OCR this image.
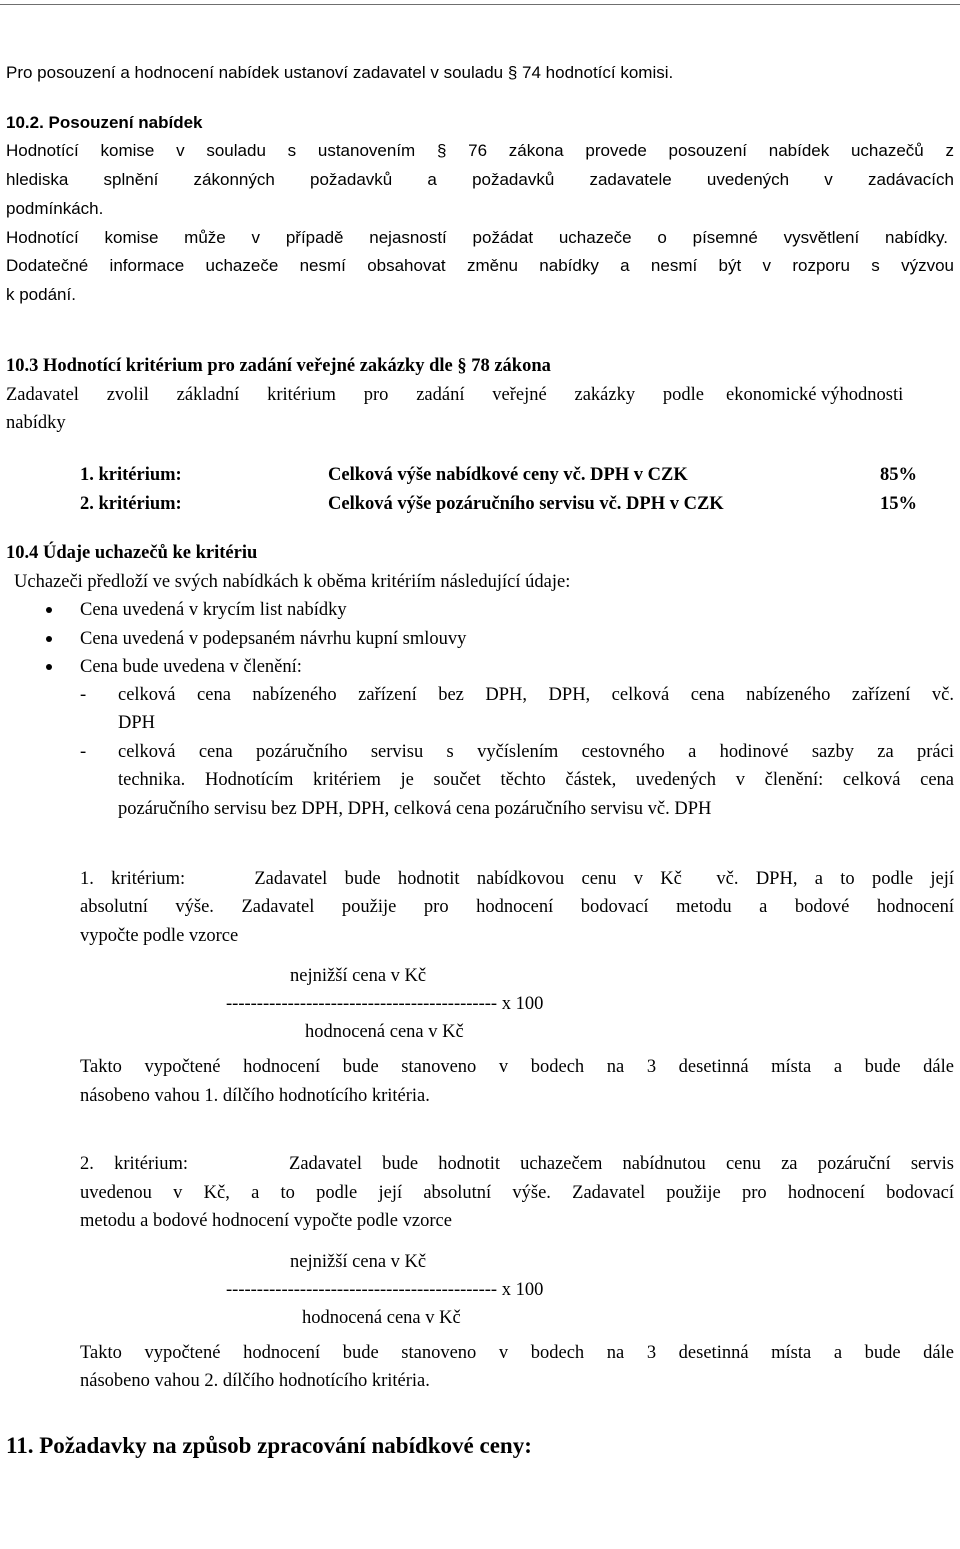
Pro posouzení a hodnocení nabídek ustanoví zadavatel v souladu § 74 hodnotící komisi.
10.2. Posouzení nabídek
Hodnotící komise v souladu s ustanovením § 76 zákona provede posouzení nabídek uchazečů z
hlediska splnění zákonných požadavků a požadavků zadavatele uvedených v zadávacích
podmínkách.
Hodnotící komise může v případě nejasností požádat uchazeče o písemné vysvětlení nabídky.
Dodatečné informace uchazeče nesmí obsahovat změnu nabídky a nesmí být v rozporu s výzvou
k podání.
10.3 Hodnotící kritérium pro zadání veřejné zakázky dle § 78 zákona
Zadavatel zvolil základní kritérium pro zadání veřejné zakázky podle ekonomické výhodnosti
nabídky
1. kritérium:	Celková výše nabídkové ceny vč. DPH v CZK	85%
2. kritérium:	Celková výše pozáručního servisu vč. DPH v CZK	15%
10.4 Údaje uchazečů ke kritériu
Uchazeči předloží ve svých nabídkách k oběma kritériím následující údaje:
Cena uvedená v krycím list nabídky
Cena uvedená v podepsaném návrhu kupní smlouvy
Cena bude uvedena v členění:
- celková cena nabízeného zařízení bez DPH, DPH, celková cena nabízeného zařízení vč.
DPH
- celková cena pozáručního servisu s vyčíslením cestovného a hodinové sazby za práci
technika. Hodnotícím kritériem je součet těchto částek, uvedených v členění: celková cena
pozáručního servisu bez DPH, DPH, celková cena pozáručního servisu vč. DPH
1. kritérium:    Zadavatel bude hodnotit nabídkovou cenu v Kč  vč. DPH, a to podle její
absolutní výše. Zadavatel použije pro hodnocení bodovací metodu a bodové hodnocení
vypočte podle vzorce
nejnižší cena v Kč
-------------------------------------------- x 100
hodnocená cena v Kč
Takto vypočtené hodnocení bude stanoveno v bodech na 3 desetinná místa a bude dále
násobeno vahou 1. dílčího hodnotícího kritéria.
2. kritérium:     Zadavatel bude hodnotit uchazečem nabídnutou cenu za pozáruční servis
uvedenou v Kč, a to podle její absolutní výše. Zadavatel použije pro hodnocení bodovací
metodu a bodové hodnocení vypočte podle vzorce
nejnižší cena v Kč
-------------------------------------------- x 100
hodnocená cena v Kč
Takto vypočtené hodnocení bude stanoveno v bodech na 3 desetinná místa a bude dále
násobeno vahou 2. dílčího hodnotícího kritéria.
11. Požadavky na způsob zpracování nabídkové ceny:
